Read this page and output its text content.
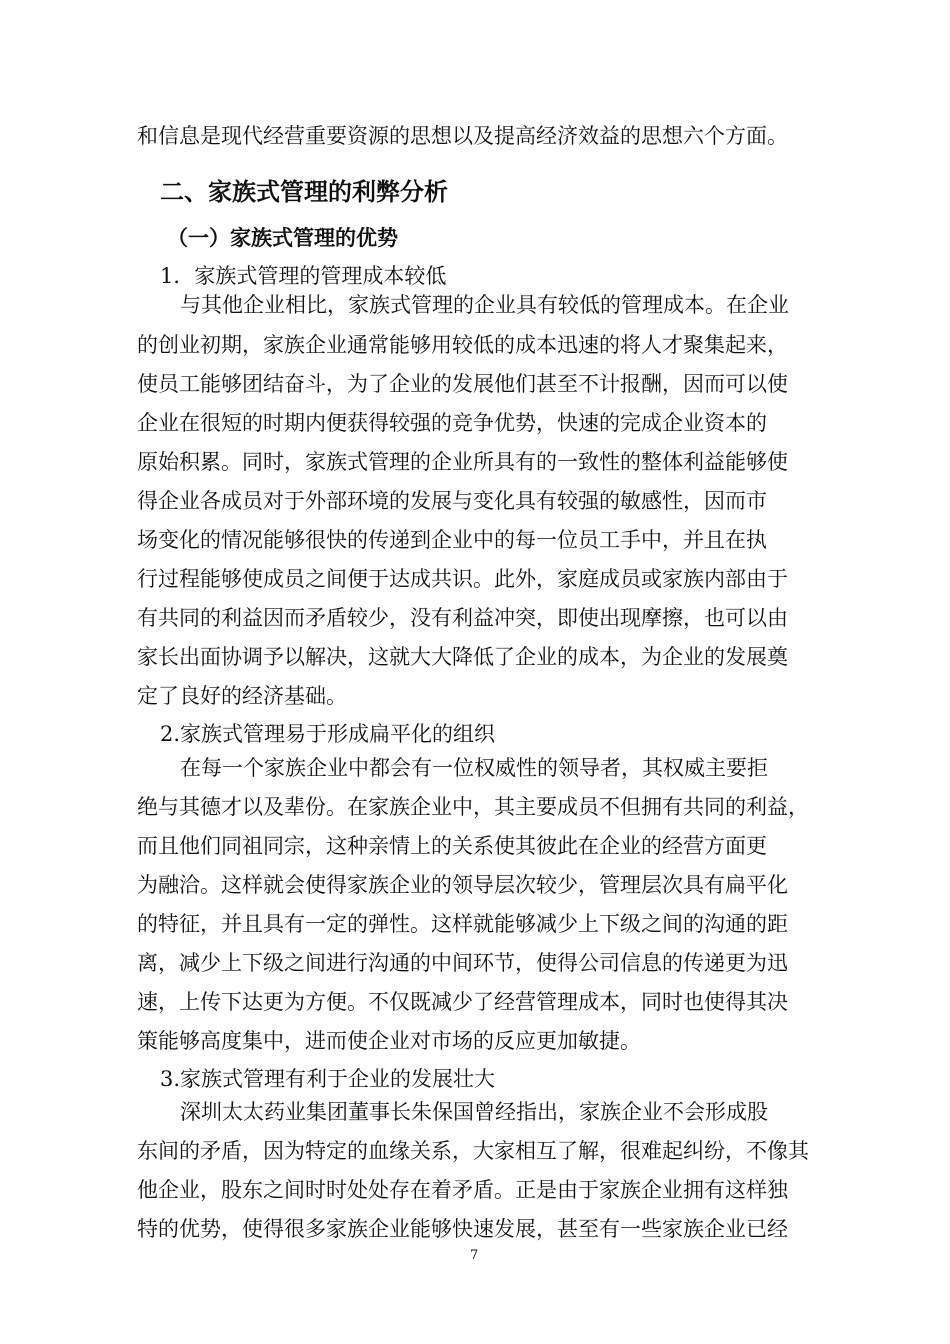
和信息是现代经营重要资源的思想以及提高经济效益的思想六个方面。
二、家族式管理的利弊分析
（一）家族式管理的优势
1．家族式管理的管理成本较低
与其他企业相比，家族式管理的企业具有较低的管理成本。在企业
的创业初期，家族企业通常能够用较低的成本迅速的将人才聚集起来，
使员工能够团结奋斗，为了企业的发展他们甚至不计报酬，因而可以使
企业在很短的时期内便获得较强的竞争优势，快速的完成企业资本的
原始积累。同时，家族式管理的企业所具有的一致性的整体利益能够使
得企业各成员对于外部环境的发展与变化具有较强的敏感性，因而市
场变化的情况能够很快的传递到企业中的每一位员工手中，并且在执
行过程能够使成员之间便于达成共识。此外，家庭成员或家族内部由于
有共同的利益因而矛盾较少，没有利益冲突，即使出现摩擦，也可以由
家长出面协调予以解决，这就大大降低了企业的成本，为企业的发展奠
定了良好的经济基础。
2.家族式管理易于形成扁平化的组织
在每一个家族企业中都会有一位权威性的领导者，其权威主要拒
绝与其德才以及辈份。在家族企业中，其主要成员不但拥有共同的利益，
而且他们同祖同宗，这种亲情上的关系使其彼此在企业的经营方面更
为融洽。这样就会使得家族企业的领导层次较少，管理层次具有扁平化
的特征，并且具有一定的弹性。这样就能够减少上下级之间的沟通的距
离，减少上下级之间进行沟通的中间环节，使得公司信息的传递更为迅
速，上传下达更为方便。不仅既减少了经营管理成本，同时也使得其决
策能够高度集中，进而使企业对市场的反应更加敏捷。
3.家族式管理有利于企业的发展壮大
深圳太太药业集团董事长朱保国曾经指出，家族企业不会形成股
东间的矛盾，因为特定的血缘关系，大家相互了解，很难起纠纷，不像其
他企业，股东之间时时处处存在着矛盾。正是由于家族企业拥有这样独
特的优势，使得很多家族企业能够快速发展，甚至有一些家族企业已经
7
